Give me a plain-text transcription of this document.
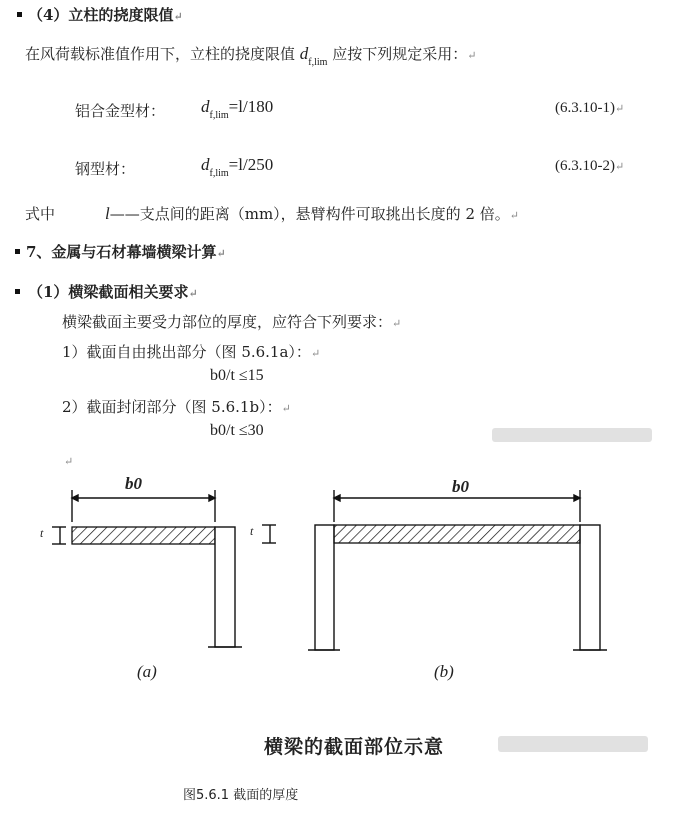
（4）立柱的挠度限值↵
在风荷载标准值作用下，立柱的挠度限值 $d_{f,lim}$ 应按下列规定采用：↵
铝合金型材： $d_{f,lim}=l/180$	(6.3.10-1)↵
钢型材：	$d_{f,lim}=l/250$	(6.3.10-2)↵
式中	l——支点间的距离（mm），悬臂构件可取挑出长度的 2 倍。↵
7、金属与石材幕墙横梁计算↵
（1）横梁截面相关要求↵
横梁截面主要受力部位的厚度，应符合下列要求：↵
1）截面自由挑出部分（图 5.6.1a）：↵
b0/t ≤15
2）截面封闭部分（图 5.6.1b）：↵
b0/t ≤30
↵
b0	b0
t	t
(a)	(b)
横梁的截面部位示意
图5.6.1 截面的厚度
